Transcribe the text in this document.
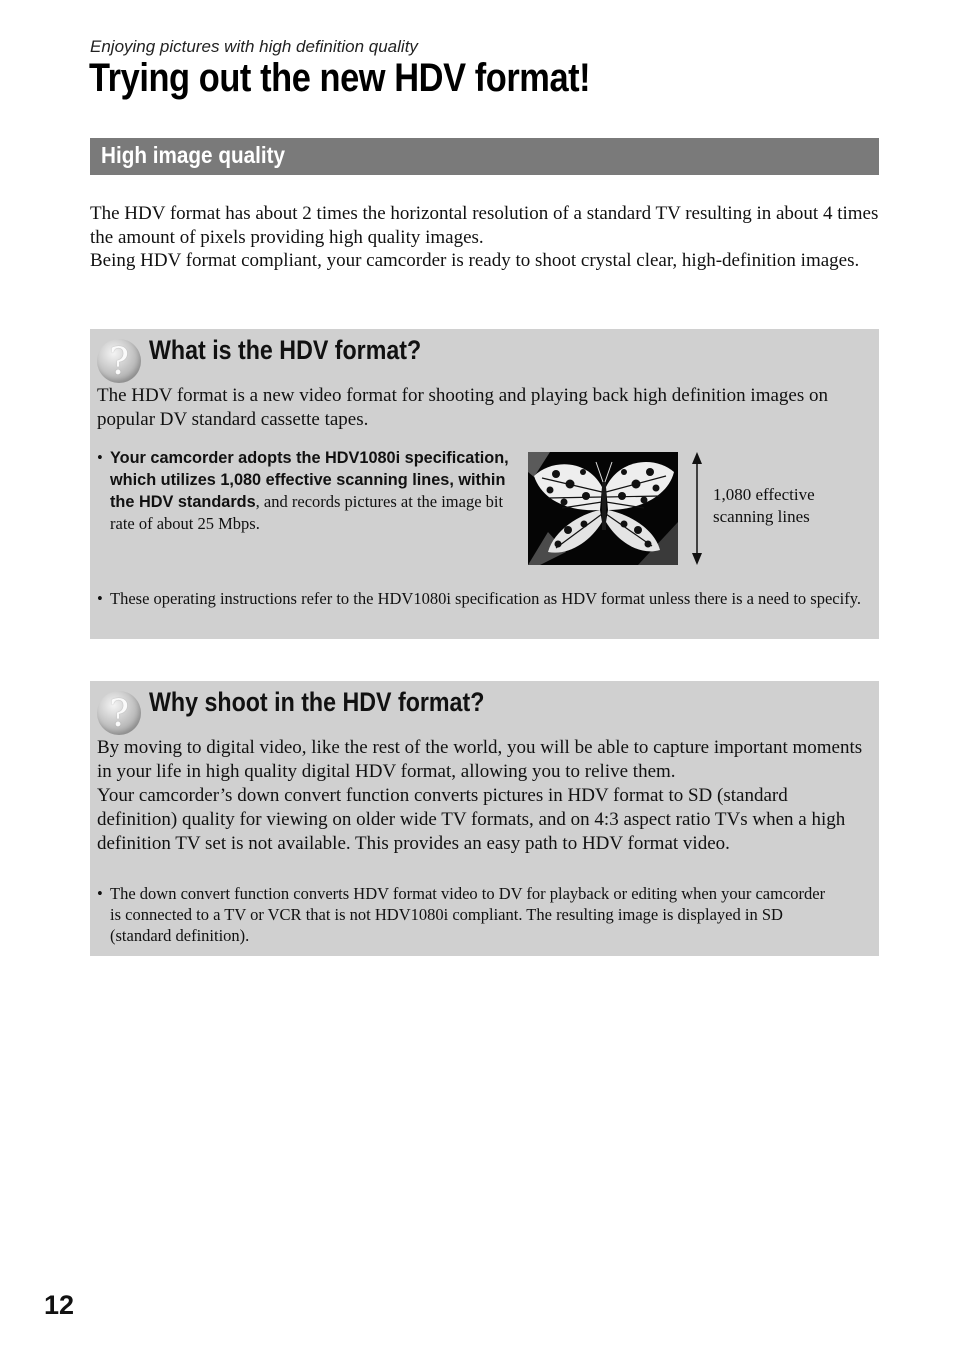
Enjoying pictures with high definition quality
Trying out the new HDV format!
High image quality

The HDV format has about 2 times the horizontal resolution of a standard TV resulting in about 4 times the amount of pixels providing high quality images.

Being HDV format compliant, your camcorder is ready to shoot crystal clear, high-definition images.

? What is the HDV format?

The HDV format is a new video format for shooting and playing back high definition images on popular DV standard cassette tapes.

• Your camcorder adopts the HDV1080i specification, which utilizes 1,080 effective scanning lines, within the HDV standards, and records pictures at the image bit rate of about 25 Mbps.
1,080 effective
scanning lines
• These operating instructions refer to the HDV1080i specification as HDV format unless there is a need to specify.
? Why shoot in the HDV format?

By moving to digital video, like the rest of the world, you will be able to capture important moments in your life in high quality digital HDV format, allowing you to relive them.

Your camcorder’s down convert function converts pictures in HDV format to SD (standard definition) quality for viewing on older wide TV formats, and on 4:3 aspect ratio TVs when a high definition TV set is not available. This provides an easy path to HDV format video.

• The down convert function converts HDV format video to DV for playback or editing when your camcorder is connected to a TV or VCR that is not HDV1080i compliant. The resulting image is displayed in SD (standard definition).
12
